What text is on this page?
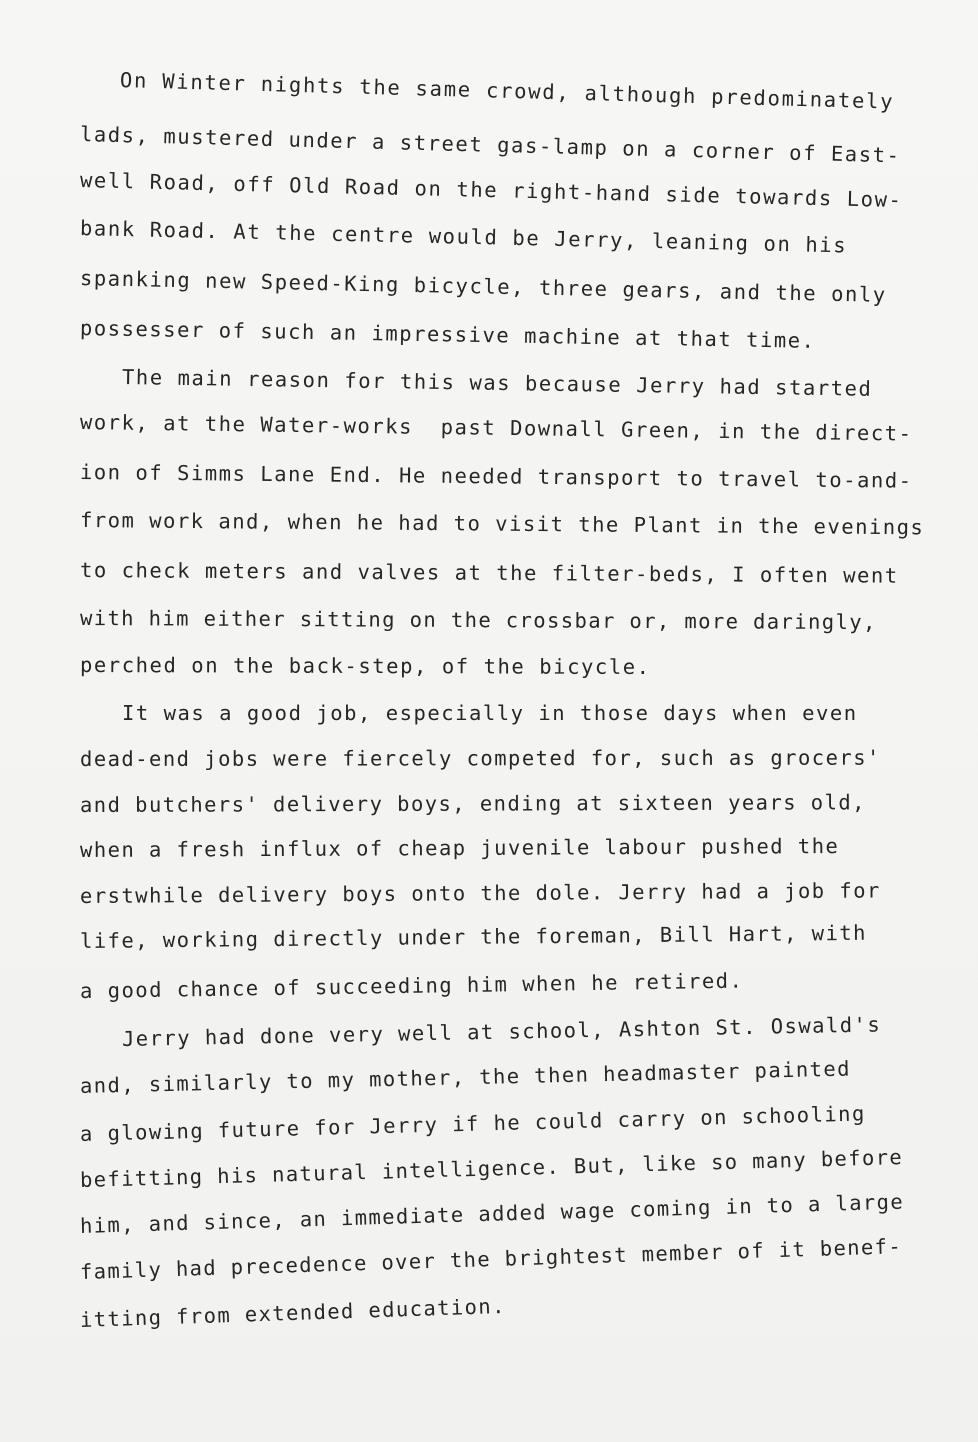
On Winter nights the same crowd, although predominately
lads, mustered under a street gas-lamp on a corner of East-
well Road, off Old Road on the right-hand side towards Low-
bank Road. At the centre would be Jerry, leaning on his
spanking new Speed-King bicycle, three gears, and the only
possesser of such an impressive machine at that time.
The main reason for this was because Jerry had started
work, at the Water-works  past Downall Green, in the direct-
ion of Simms Lane End. He needed transport to travel to-and-
from work and, when he had to visit the Plant in the evenings
to check meters and valves at the filter-beds, I often went
with him either sitting on the crossbar or, more daringly,
perched on the back-step, of the bicycle.
It was a good job, especially in those days when even
dead-end jobs were fiercely competed for, such as grocers'
and butchers' delivery boys, ending at sixteen years old,
when a fresh influx of cheap juvenile labour pushed the
erstwhile delivery boys onto the dole. Jerry had a job for
life, working directly under the foreman, Bill Hart, with
a good chance of succeeding him when he retired.
Jerry had done very well at school, Ashton St. Oswald's
and, similarly to my mother, the then headmaster painted
a glowing future for Jerry if he could carry on schooling
befitting his natural intelligence. But, like so many before
him, and since, an immediate added wage coming in to a large
family had precedence over the brightest member of it benef-
itting from extended education.
